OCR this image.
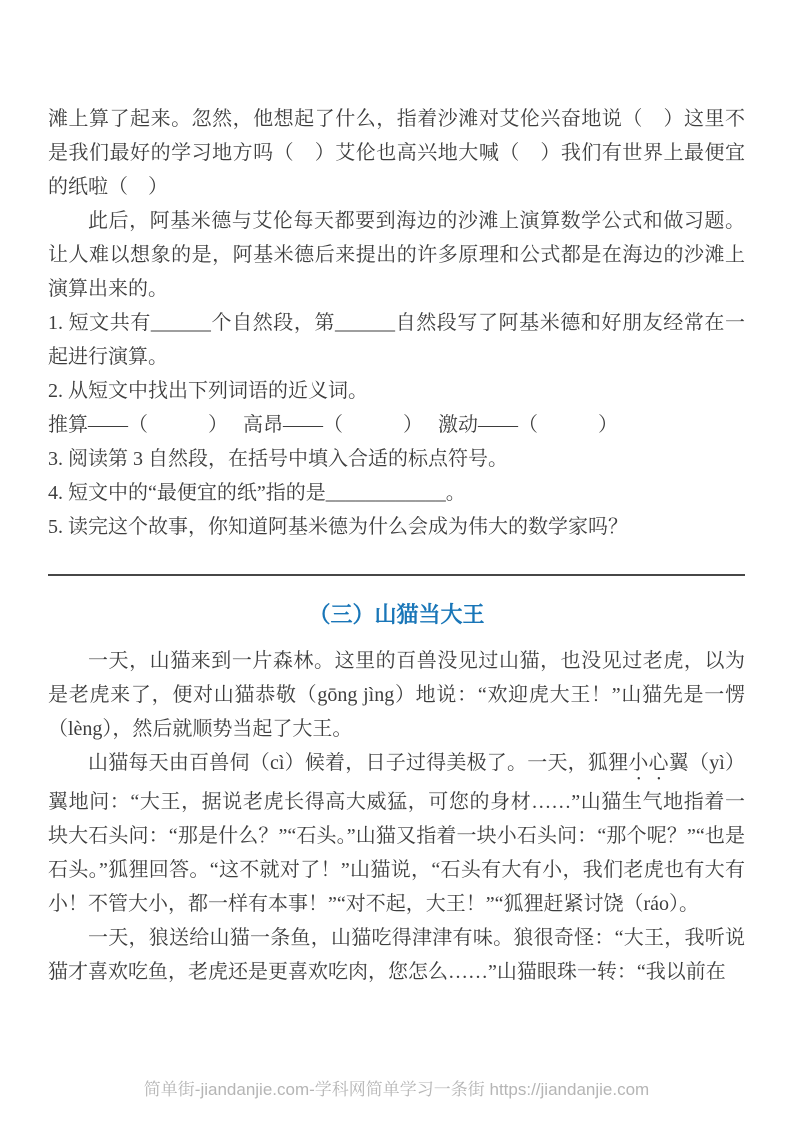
滩上算了起来。忽然，他想起了什么，指着沙滩对艾伦兴奋地说（　）这里不是我们最好的学习地方吗（　）艾伦也高兴地大喊（　）我们有世界上最便宜的纸啦（　）
此后，阿基米德与艾伦每天都要到海边的沙滩上演算数学公式和做习题。让人难以想象的是，阿基米德后来提出的许多原理和公式都是在海边的沙滩上演算出来的。
1. 短文共有______个自然段，第______自然段写了阿基米德和好朋友经常在一起进行演算。
2. 从短文中找出下列词语的近义词。
推算——（　　　）　 高昂——（　　　）　 激动——（　　　）
3. 阅读第 3 自然段，在括号中填入合适的标点符号。
4. 短文中的“最便宜的纸”指的是____________。
5. 读完这个故事，你知道阿基米德为什么会成为伟大的数学家吗？
（三）山猫当大王

一天，山猫来到一片森林。这里的百兽没见过山猫，也没见过老虎，以为是老虎来了，便对山猫恭敬（gōng jìng）地说：“欢迎虎大王！”山猫先是一愣（lèng），然后就顺势当起了大王。

山猫每天由百兽伺（cì）候着，日子过得美极了。一天，狐狸小心翼（yì）翼地问：“大王，据说老虎长得高大威猛，可您的身材……”山猫生气地指着一块大石头问：“那是什么？”“石头。”山猫又指着一块小石头问：“那个呢？”“也是石头。”狐狸回答。“这不就对了！”山猫说，“石头有大有小，我们老虎也有大有小！不管大小，都一样有本事！”“对不起，大王！”“狐狸赶紧讨饶（ráo）。

一天，狼送给山猫一条鱼，山猫吃得津津有味。狼很奇怪：“大王，我听说猫才喜欢吃鱼，老虎还是更喜欢吃肉，您怎么……”山猫眼珠一转：“我以前在

简单街-jiandanjie.com-学科网简单学习一条街 https://jiandanjie.com
